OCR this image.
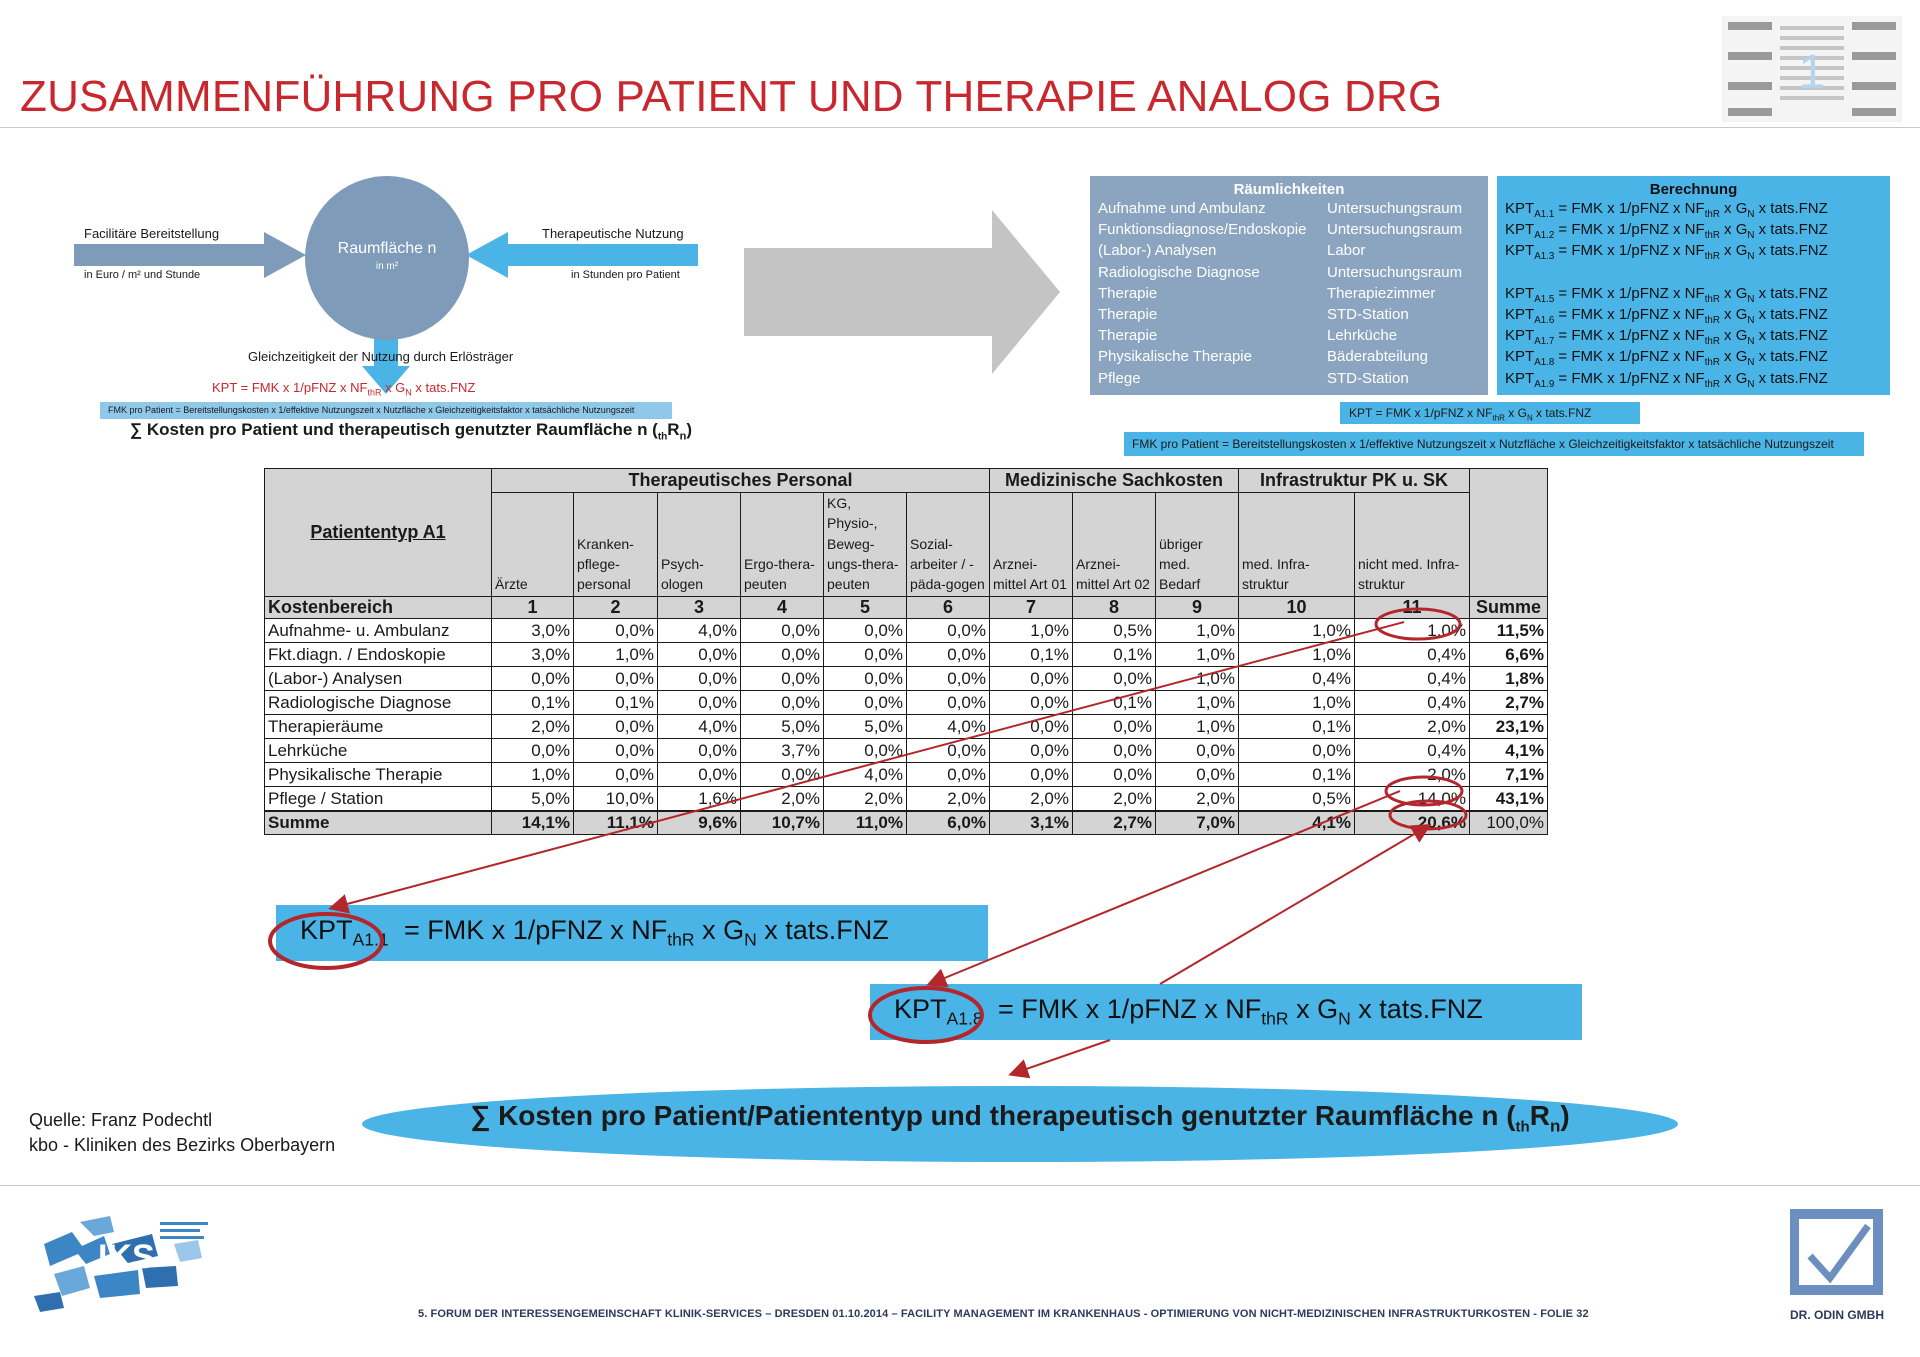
ZUSAMMENFÜHRUNG PRO PATIENT UND THERAPIE ANALOG DRG	1
Facilitäre Bereitstellung
in Euro / m² und Stunde
Therapeutische Nutzung
in Stunden pro Patient
Raumfläche n
in m²
Gleichzeitigkeit der Nutzung durch Erlösträger
KPT = FMK x 1/pFNZ x $NF_{thR}$ x $G_N$ x tats.FNZ
FMK pro Patient = Bereitstellungskosten x 1/effektive Nutzungszeit x Nutzfläche x Gleichzeitigkeitsfaktor x tatsächliche Nutzungszeit
∑ Kosten pro Patient und therapeutisch genutzter Raumfläche n $(_{th}R_n)$
Räumlichkeiten
Aufnahme und Ambulanz	Untersuchungsraum
Funktionsdiagnose/Endoskopie	Untersuchungsraum
(Labor-) Analysen	Labor
Radiologische Diagnose	Untersuchungsraum
Therapie	Therapiezimmer
Therapie	STD-Station
Therapie	Lehrküche
Physikalische Therapie	Bäderabteilung
Pflege	STD-Station
Berechnung
$KPT_{A1.1}$ = FMK x 1/pFNZ x $NF_{thR}$ x $G_N$ x tats.FNZ
$KPT_{A1.2}$ = FMK x 1/pFNZ x $NF_{thR}$ x $G_N$ x tats.FNZ
$KPT_{A1.3}$ = FMK x 1/pFNZ x $NF_{thR}$ x $G_N$ x tats.FNZ
$KPT_{A1.5}$ = FMK x 1/pFNZ x $NF_{thR}$ x $G_N$ x tats.FNZ
$KPT_{A1.6}$ = FMK x 1/pFNZ x $NF_{thR}$ x $G_N$ x tats.FNZ
$KPT_{A1.7}$ = FMK x 1/pFNZ x $NF_{thR}$ x $G_N$ x tats.FNZ
$KPT_{A1.8}$ = FMK x 1/pFNZ x $NF_{thR}$ x $G_N$ x tats.FNZ
$KPT_{A1.9}$ = FMK x 1/pFNZ x $NF_{thR}$ x $G_N$ x tats.FNZ
KPT = FMK x 1/pFNZ x $NF_{thR}$ x $G_N$ x tats.FNZ
FMK pro Patient = Bereitstellungskosten x 1/effektive Nutzungszeit x Nutzfläche x Gleichzeitigkeitsfaktor x tatsächliche Nutzungszeit
Patiententyp A1	Therapeutisches Personal						Medizinische Sachkosten			Infrastruktur PK u. SK		
	Ärzte	Kranken-pflege-personal	Psych-ologen	Ergo-thera-peuten	KG, Physio-, Beweg-ungs-thera-peuten	Sozial-arbeiter / -päda-gogen	Arznei-mittel Art 01	Arznei-mittel Art 02	übriger med. Bedarf	med. Infra-struktur	nicht med. Infra-struktur	
Kostenbereich	1	2	3	4	5	6	7	8	9	10	11	Summe
Aufnahme- u. Ambulanz	3,0%	0,0%	4,0%	0,0%	0,0%	0,0%	1,0%	0,5%	1,0%	1,0%	1,0%	11,5%
Fkt.diagn. / Endoskopie	3,0%	1,0%	0,0%	0,0%	0,0%	0,0%	0,1%	0,1%	1,0%	1,0%	0,4%	6,6%
(Labor-) Analysen	0,0%	0,0%	0,0%	0,0%	0,0%	0,0%	0,0%	0,0%	1,0%	0,4%	0,4%	1,8%
Radiologische Diagnose	0,1%	0,1%	0,0%	0,0%	0,0%	0,0%	0,0%	0,1%	1,0%	1,0%	0,4%	2,7%
Therapieräume	2,0%	0,0%	4,0%	5,0%	5,0%	4,0%	0,0%	0,0%	1,0%	0,1%	2,0%	23,1%
Lehrküche	0,0%	0,0%	0,0%	3,7%	0,0%	0,0%	0,0%	0,0%	0,0%	0,0%	0,4%	4,1%
Physikalische Therapie	1,0%	0,0%	0,0%	0,0%	4,0%	0,0%	0,0%	0,0%	0,0%	0,1%	2,0%	7,1%
Pflege / Station	5,0%	10,0%	1,6%	2,0%	2,0%	2,0%	2,0%	2,0%	2,0%	0,5%	14,0%	43,1%
Summe	14,1%	11,1%	9,6%	10,7%	11,0%	6,0%	3,1%	2,7%	7,0%	4,1%	20,6%	100,0%
$KPT_{A1.1}$ = FMK x 1/pFNZ x $NF_{thR}$ x $G_N$ x tats.FNZ
$KPT_{A1.8}$ = FMK x 1/pFNZ x $NF_{thR}$ x $G_N$ x tats.FNZ
∑ Kosten pro Patient/Patiententyp und therapeutisch genutzter Raumfläche n $(_{th}R_n)$
Quelle: Franz Podechtl
kbo - Kliniken des Bezirks Oberbayern
IKS
5. FORUM DER INTERESSENGEMEINSCHAFT KLINIK-SERVICES – DRESDEN 01.10.2014 – FACILITY MANAGEMENT IM KRANKENHAUS - OPTIMIERUNG VON NICHT-MEDIZINISCHEN INFRASTRUKTURKOSTEN - FOLIE 32	DR. ODIN GMBH
